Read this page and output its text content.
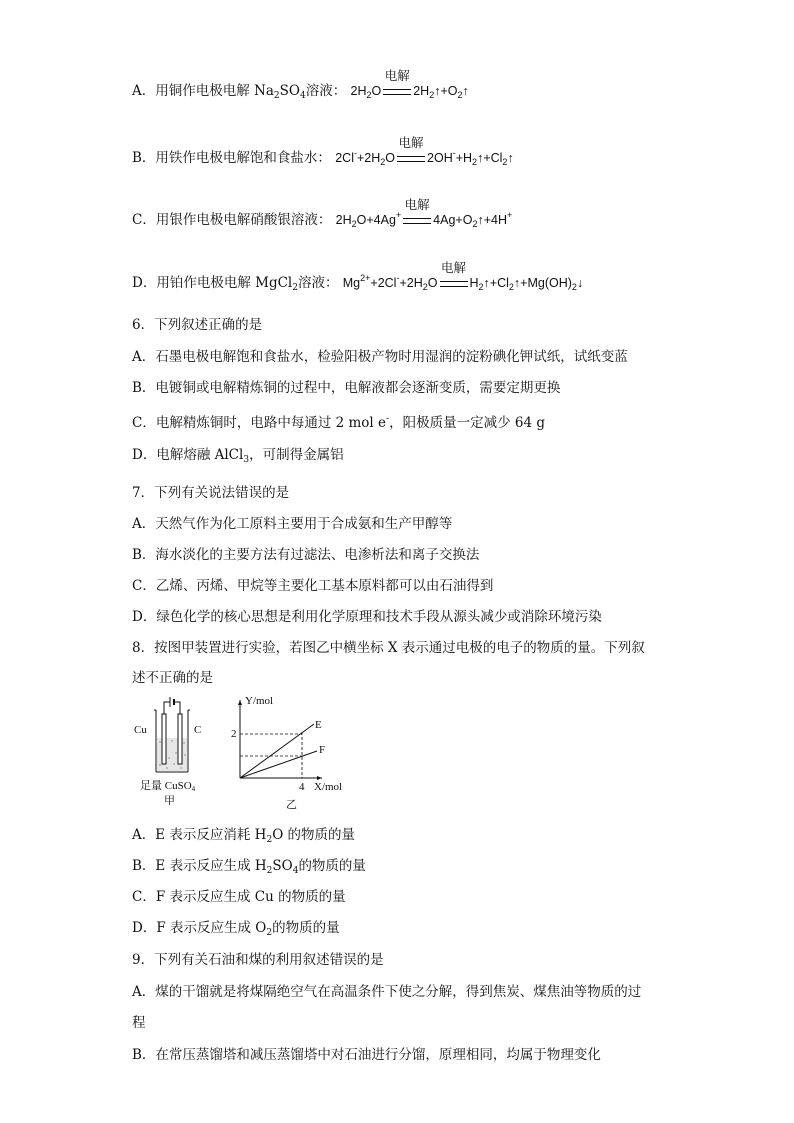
A．用铜作电极电解 $Na_2SO_4$溶液： $2H_2O$
电解
$2H_2↑+O_2↑$
B．用铁作电极电解饱和食盐水： $2Cl^-+2H_2O$
电解
$2OH^-+H_2↑+Cl_2↑$
C．用银作电极电解硝酸银溶液： $2H_2O+4Ag^+$
电解
$4Ag+O_2↑+4H^+$
D．用铂作电极电解 MgCl$_2$溶液： $Mg^{2+}+2Cl^-+2H_2O$
电解
$H_2↑+Cl_2↑+Mg(OH)_2↓$
6．下列叙述正确的是
A．石墨电极电解饱和食盐水，检验阳极产物时用湿润的淀粉碘化钾试纸，试纸变蓝
B．电镀铜或电解精炼铜的过程中，电解液都会逐渐变质，需要定期更换
C．电解精炼铜时，电路中每通过 2 mol e-，阳极质量一定减少 64 g
D．电解熔融 AlCl$_3$，可制得金属铝
7．下列有关说法错误的是
A．天然气作为化工原料主要用于合成氨和生产甲醇等
B．海水淡化的主要方法有过滤法、电渗析法和离子交换法
C．乙烯、丙烯、甲烷等主要化工基本原料都可以由石油得到
D．绿色化学的核心思想是利用化学原理和技术手段从源头减少或消除环境污染
8．按图甲装置进行实验，若图乙中横坐标 X 表示通过电极的电子的物质的量。下列叙
述不正确的是
Cu	C
足量 CuSO4
甲
Y/mol
X/mol
2
4
E
F
乙
A．E 表示反应消耗 $H_2O$ 的物质的量
B．E 表示反应生成 $H_2SO_4$的物质的量
C．F 表示反应生成 Cu 的物质的量
D．F 表示反应生成 $O_2$的物质的量
9．下列有关石油和煤的利用叙述错误的是
A．煤的干馏就是将煤隔绝空气在高温条件下使之分解，得到焦炭、煤焦油等物质的过
程
B．在常压蒸馏塔和减压蒸馏塔中对石油进行分馏，原理相同，均属于物理变化
